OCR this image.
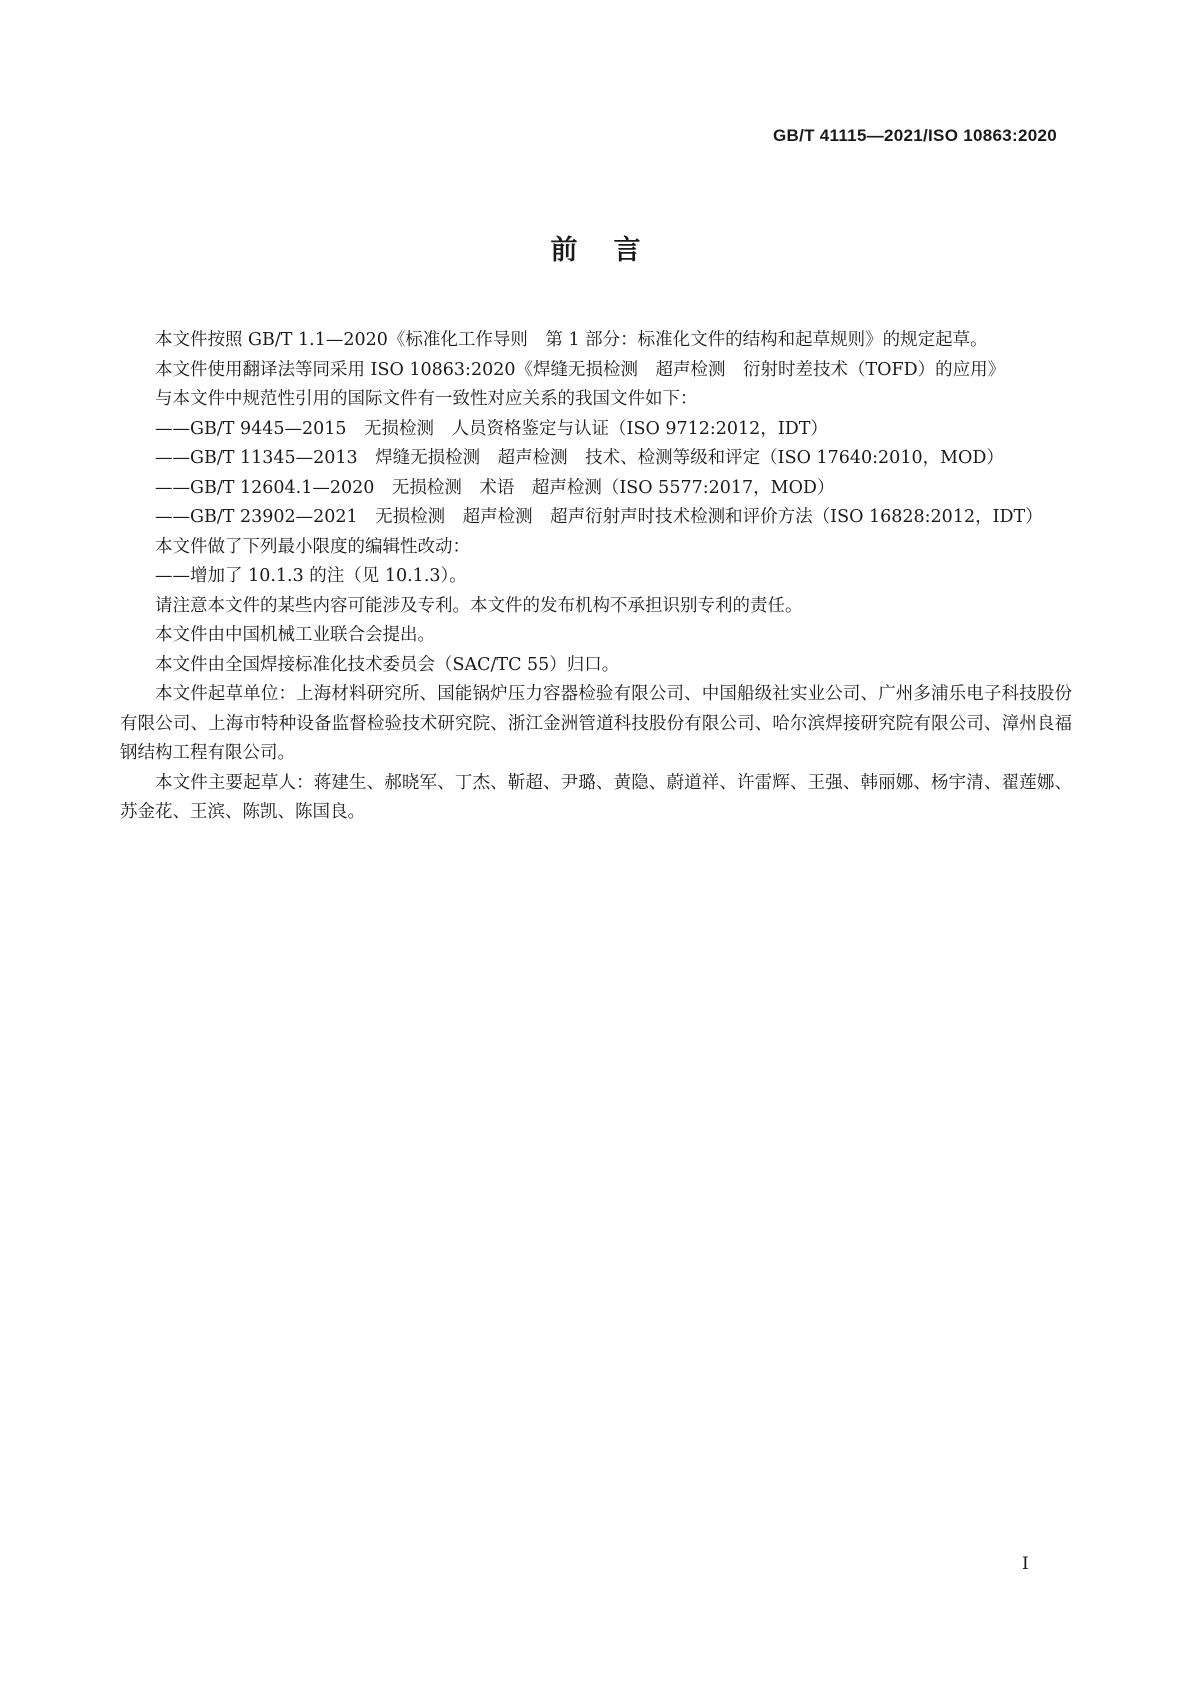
GB/T 41115—2021/ISO 10863:2020
前言

本文件按照 GB/T 1.1—2020《标准化工作导则　第 1 部分：标准化文件的结构和起草规则》的规定起草。

本文件使用翻译法等同采用 ISO 10863:2020《焊缝无损检测　超声检测　衍射时差技术（TOFD）的应用》

与本文件中规范性引用的国际文件有一致性对应关系的我国文件如下：

——GB/T 9445—2015　无损检测　人员资格鉴定与认证（ISO 9712:2012，IDT）

——GB/T 11345—2013　焊缝无损检测　超声检测　技术、检测等级和评定（ISO 17640:2010，MOD）

——GB/T 12604.1—2020　无损检测　术语　超声检测（ISO 5577:2017，MOD）

——GB/T 23902—2021　无损检测　超声检测　超声衍射声时技术检测和评价方法（ISO 16828:2012，IDT）

本文件做了下列最小限度的编辑性改动：

——增加了 10.1.3 的注（见 10.1.3）。

请注意本文件的某些内容可能涉及专利。本文件的发布机构不承担识别专利的责任。

本文件由中国机械工业联合会提出。

本文件由全国焊接标准化技术委员会（SAC/TC 55）归口。

本文件起草单位：上海材料研究所、国能锅炉压力容器检验有限公司、中国船级社实业公司、广州多浦乐电子科技股份有限公司、上海市特种设备监督检验技术研究院、浙江金洲管道科技股份有限公司、哈尔滨焊接研究院有限公司、漳州良福钢结构工程有限公司。

本文件主要起草人：蒋建生、郝晓军、丁杰、靳超、尹璐、黄隐、蔚道祥、许雷辉、王强、韩丽娜、杨宇清、翟莲娜、苏金花、王滨、陈凯、陈国良。

I
